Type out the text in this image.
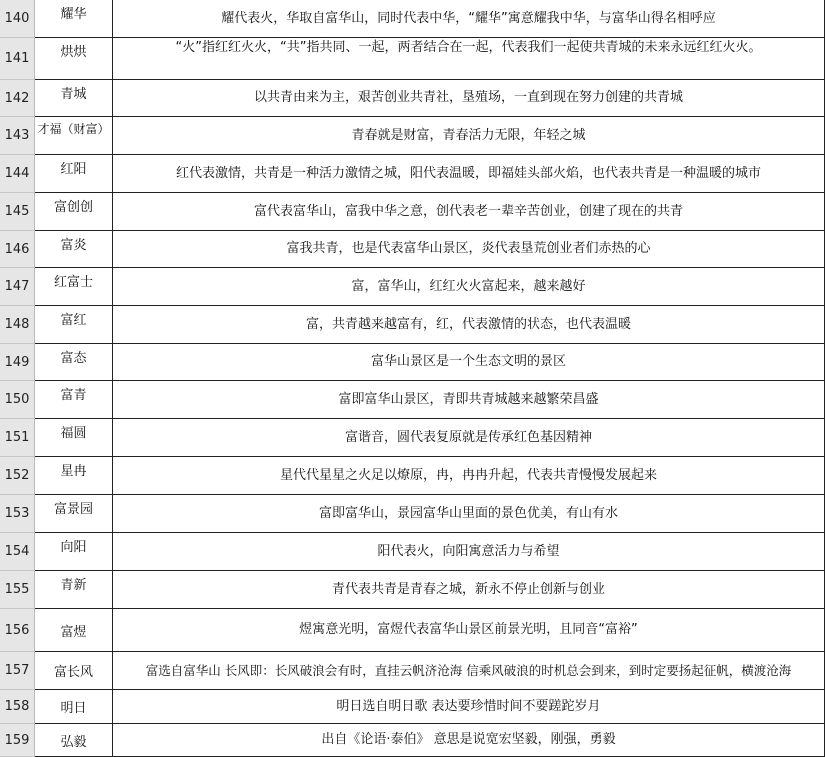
140	耀华	耀代表火，华取自富华山，同时代表中华，“耀华”寓意耀我中华，与富华山得名相呼应
141	烘烘	“火”指红红火火，“共”指共同、一起，两者结合在一起，代表我们一起使共青城的未来永远红红火火。
142	青城	以共青由来为主，艰苦创业共青社，垦殖场，一直到现在努力创建的共青城
143 才福（财富）	青春就是财富，青春活力无限，年轻之城
144	红阳	红代表激情，共青是一种活力激情之城，阳代表温暖，即福娃头部火焰，也代表共青是一种温暖的城市
145	富创创	富代表富华山，富我中华之意，创代表老一辈辛苦创业，创建了现在的共青
146	富炎	富我共青，也是代表富华山景区，炎代表垦荒创业者们赤热的心
147	红富士	富，富华山，红红火火富起来，越来越好
148	富红	富，共青越来越富有，红，代表激情的状态，也代表温暖
149	富态	富华山景区是一个生态文明的景区
150	富青	富即富华山景区，青即共青城越来越繁荣昌盛
151	福圆	富谐音，圆代表复原就是传承红色基因精神
152	星冉	星代代星星之火足以燎原，冉，冉冉升起，代表共青慢慢发展起来
153	富景园	富即富华山，景园富华山里面的景色优美，有山有水
154	向阳	阳代表火，向阳寓意活力与希望
155	青新	青代表共青是青春之城，新永不停止创新与创业
156	富煜	煜寓意光明，富煜代表富华山景区前景光明，且同音“富裕”
157	富长风	富选自富华山 长风即：长风破浪会有时，直挂云帆济沧海 信乘风破浪的时机总会到来，到时定要扬起征帆，横渡沧海
158	明日	明日选自明日歌 表达要珍惜时间不要蹉跎岁月
159	弘毅	出自《论语·泰伯》 意思是说宽宏坚毅，刚强，勇毅
